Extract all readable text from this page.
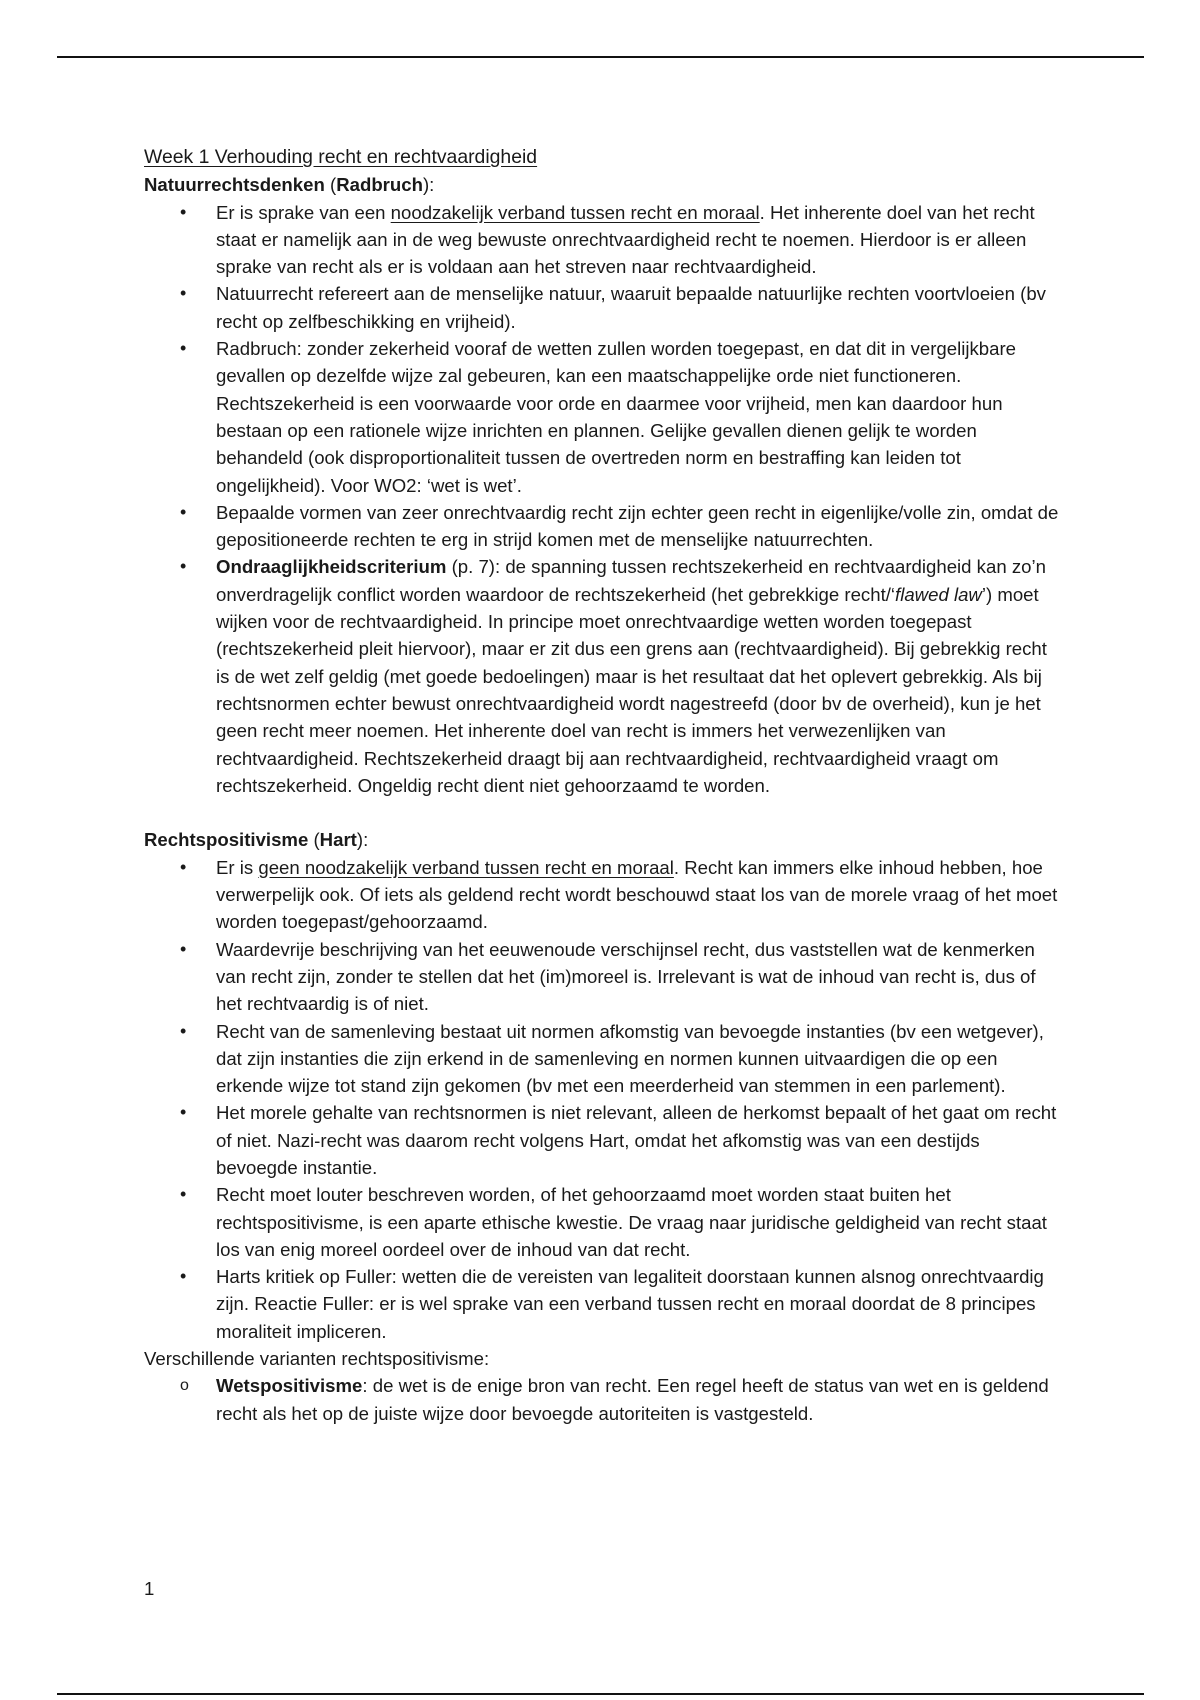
Week 1 Verhouding recht en rechtvaardigheid

Natuurrechtsdenken (Radbruch):

• Er is sprake van een noodzakelijk verband tussen recht en moraal. Het inherente doel van het recht staat er namelijk aan in de weg bewuste onrechtvaardigheid recht te noemen. Hierdoor is er alleen sprake van recht als er is voldaan aan het streven naar rechtvaardigheid.
• Natuurrecht refereert aan de menselijke natuur, waaruit bepaalde natuurlijke rechten voortvloeien (bv recht op zelfbeschikking en vrijheid).
• Radbruch: zonder zekerheid vooraf de wetten zullen worden toegepast, en dat dit in vergelijkbare gevallen op dezelfde wijze zal gebeuren, kan een maatschappelijke orde niet functioneren. Rechtszekerheid is een voorwaarde voor orde en daarmee voor vrijheid, men kan daardoor hun bestaan op een rationele wijze inrichten en plannen. Gelijke gevallen dienen gelijk te worden behandeld (ook disproportionaliteit tussen de overtreden norm en bestraffing kan leiden tot ongelijkheid). Voor WO2: ‘wet is wet’.
• Bepaalde vormen van zeer onrechtvaardig recht zijn echter geen recht in eigenlijke/volle zin, omdat de gepositioneerde rechten te erg in strijd komen met de menselijke natuurrechten.
• Ondraaglijkheidscriterium (p. 7): de spanning tussen rechtszekerheid en rechtvaardigheid kan zo’n onverdragelijk conflict worden waardoor de rechtszekerheid (het gebrekkige recht/‘flawed law’) moet wijken voor de rechtvaardigheid. In principe moet onrechtvaardige wetten worden toegepast (rechtszekerheid pleit hiervoor), maar er zit dus een grens aan (rechtvaardigheid). Bij gebrekkig recht is de wet zelf geldig (met goede bedoelingen) maar is het resultaat dat het oplevert gebrekkig. Als bij rechtsnormen echter bewust onrechtvaardigheid wordt nagestreefd (door bv de overheid), kun je het geen recht meer noemen. Het inherente doel van recht is immers het verwezenlijken van rechtvaardigheid. Rechtszekerheid draagt bij aan rechtvaardigheid, rechtvaardigheid vraagt om rechtszekerheid. Ongeldig recht dient niet gehoorzaamd te worden.

Rechtspositivisme (Hart):

• Er is geen noodzakelijk verband tussen recht en moraal. Recht kan immers elke inhoud hebben, hoe verwerpelijk ook. Of iets als geldend recht wordt beschouwd staat los van de morele vraag of het moet worden toegepast/gehoorzaamd.
• Waardevrije beschrijving van het eeuwenoude verschijnsel recht, dus vaststellen wat de kenmerken van recht zijn, zonder te stellen dat het (im)moreel is. Irrelevant is wat de inhoud van recht is, dus of het rechtvaardig is of niet.
• Recht van de samenleving bestaat uit normen afkomstig van bevoegde instanties (bv een wetgever), dat zijn instanties die zijn erkend in de samenleving en normen kunnen uitvaardigen die op een erkende wijze tot stand zijn gekomen (bv met een meerderheid van stemmen in een parlement).
• Het morele gehalte van rechtsnormen is niet relevant, alleen de herkomst bepaalt of het gaat om recht of niet. Nazi-recht was daarom recht volgens Hart, omdat het afkomstig was van een destijds bevoegde instantie.
• Recht moet louter beschreven worden, of het gehoorzaamd moet worden staat buiten het rechtspositivisme, is een aparte ethische kwestie. De vraag naar juridische geldigheid van recht staat los van enig moreel oordeel over de inhoud van dat recht.
• Harts kritiek op Fuller: wetten die de vereisten van legaliteit doorstaan kunnen alsnog onrechtvaardig zijn. Reactie Fuller: er is wel sprake van een verband tussen recht en moraal doordat de 8 principes moraliteit impliceren.

Verschillende varianten rechtspositivisme:

o Wetspositivisme: de wet is de enige bron van recht. Een regel heeft de status van wet en is geldend recht als het op de juiste wijze door bevoegde autoriteiten is vastgesteld.
1
